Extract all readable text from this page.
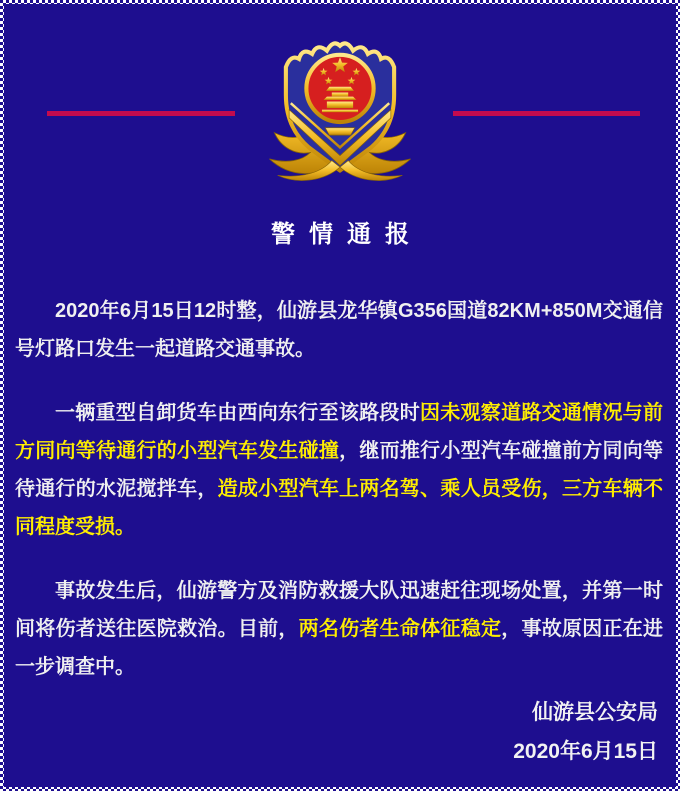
警情通报

2020年6月15日12时整，仙游县龙华镇G356国道82KM+850M交通信号灯路口发生一起道路交通事故。

一辆重型自卸货车由西向东行至该路段时因未观察道路交通情况与前方同向等待通行的小型汽车发生碰撞，继而推行小型汽车碰撞前方同向等待通行的水泥搅拌车，造成小型汽车上两名驾、乘人员受伤，三方车辆不同程度受损。

事故发生后，仙游警方及消防救援大队迅速赶往现场处置，并第一时间将伤者送往医院救治。目前，两名伤者生命体征稳定，事故原因正在进一步调查中。

仙游县公安局
2020年6月15日
